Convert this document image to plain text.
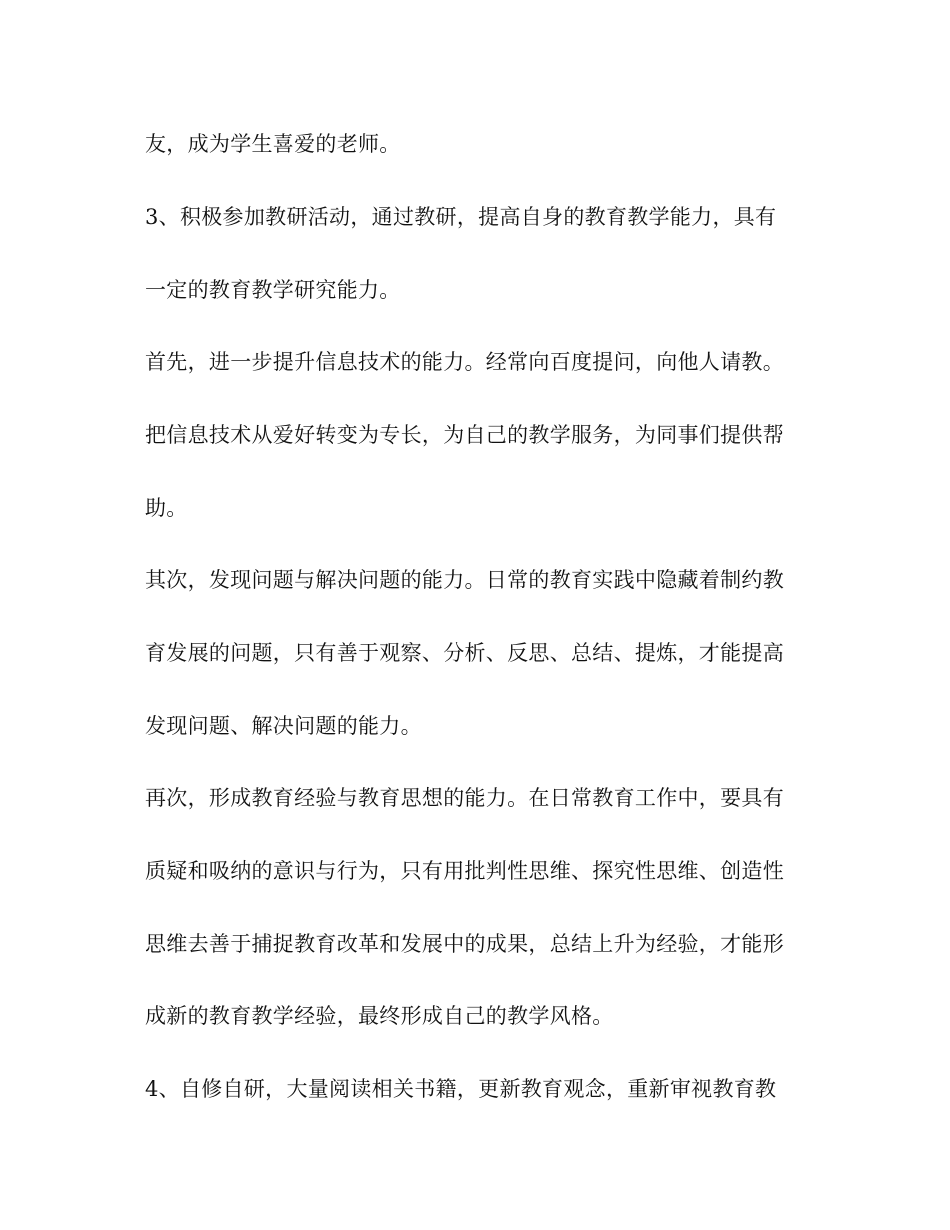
友，成为学生喜爱的老师。
3、积极参加教研活动，通过教研，提高自身的教育教学能力，具有
一定的教育教学研究能力。
首先，进一步提升信息技术的能力。经常向百度提问，向他人请教。
把信息技术从爱好转变为专长，为自己的教学服务，为同事们提供帮
助。
其次，发现问题与解决问题的能力。日常的教育实践中隐藏着制约教
育发展的问题，只有善于观察、分析、反思、总结、提炼，才能提高
发现问题、解决问题的能力。
再次，形成教育经验与教育思想的能力。在日常教育工作中，要具有
质疑和吸纳的意识与行为，只有用批判性思维、探究性思维、创造性
思维去善于捕捉教育改革和发展中的成果，总结上升为经验，才能形
成新的教育教学经验，最终形成自己的教学风格。
4、自修自研，大量阅读相关书籍，更新教育观念，重新审视教育教
